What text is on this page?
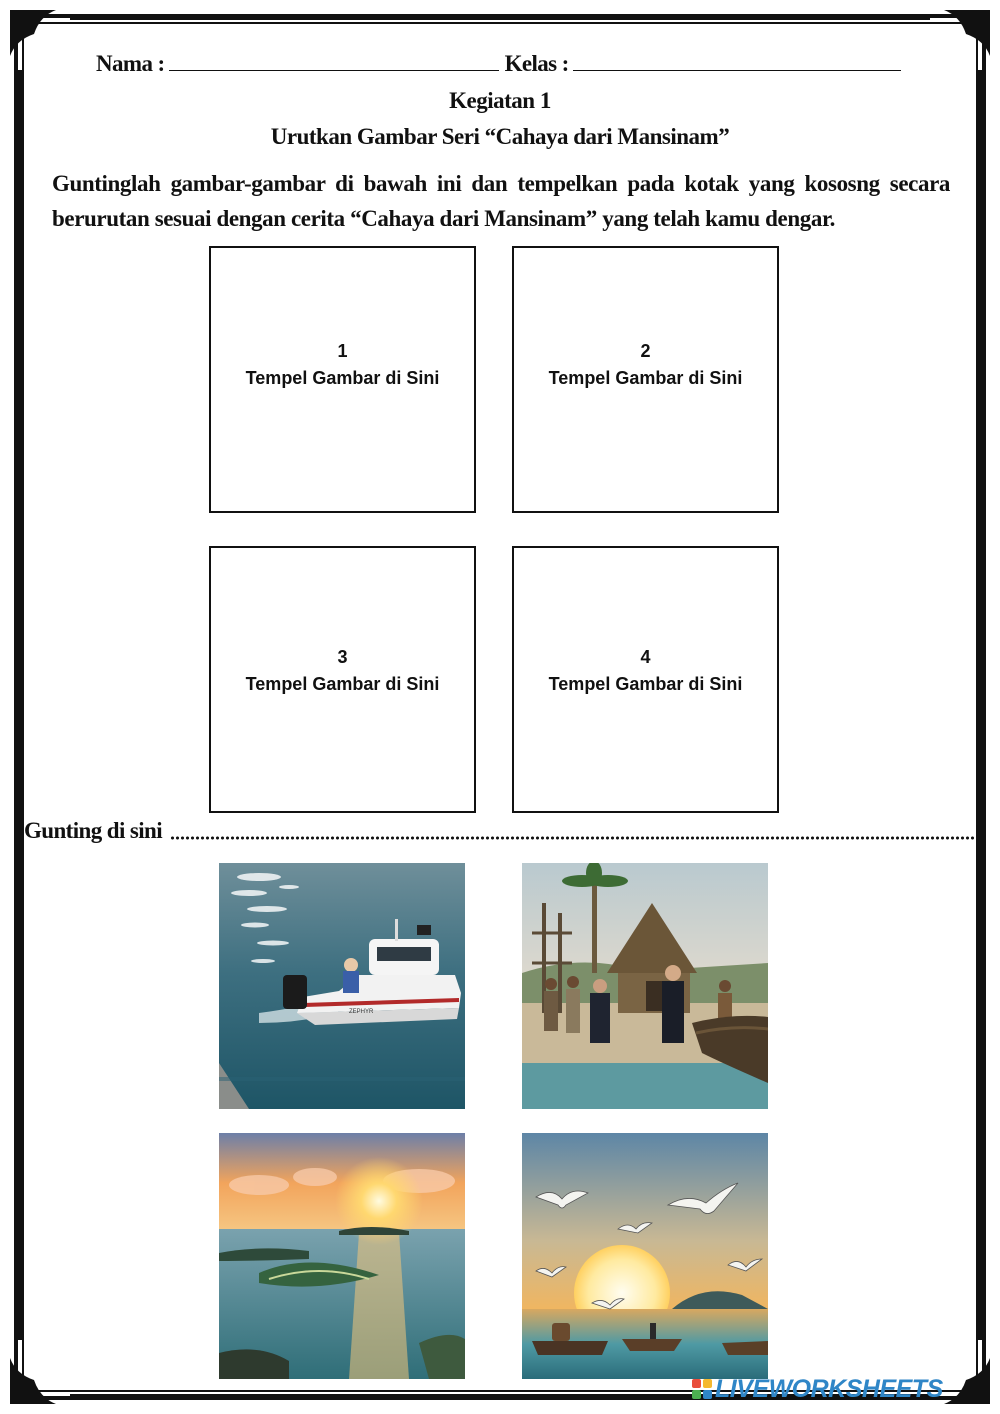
Nama :	Kelas :
Kegiatan 1
Urutkan Gambar Seri “Cahaya dari Mansinam”
Guntinglah gambar-gambar di bawah ini dan tempelkan pada kotak yang kososng secara berurutan sesuai dengan cerita “Cahaya dari Mansinam” yang telah kamu dengar.
1
Tempel Gambar di Sini
2
Tempel Gambar di Sini
3
Tempel Gambar di Sini
4
Tempel Gambar di Sini
Gunting di sini
ZEPHYR
LIVEWORKSHEETS
